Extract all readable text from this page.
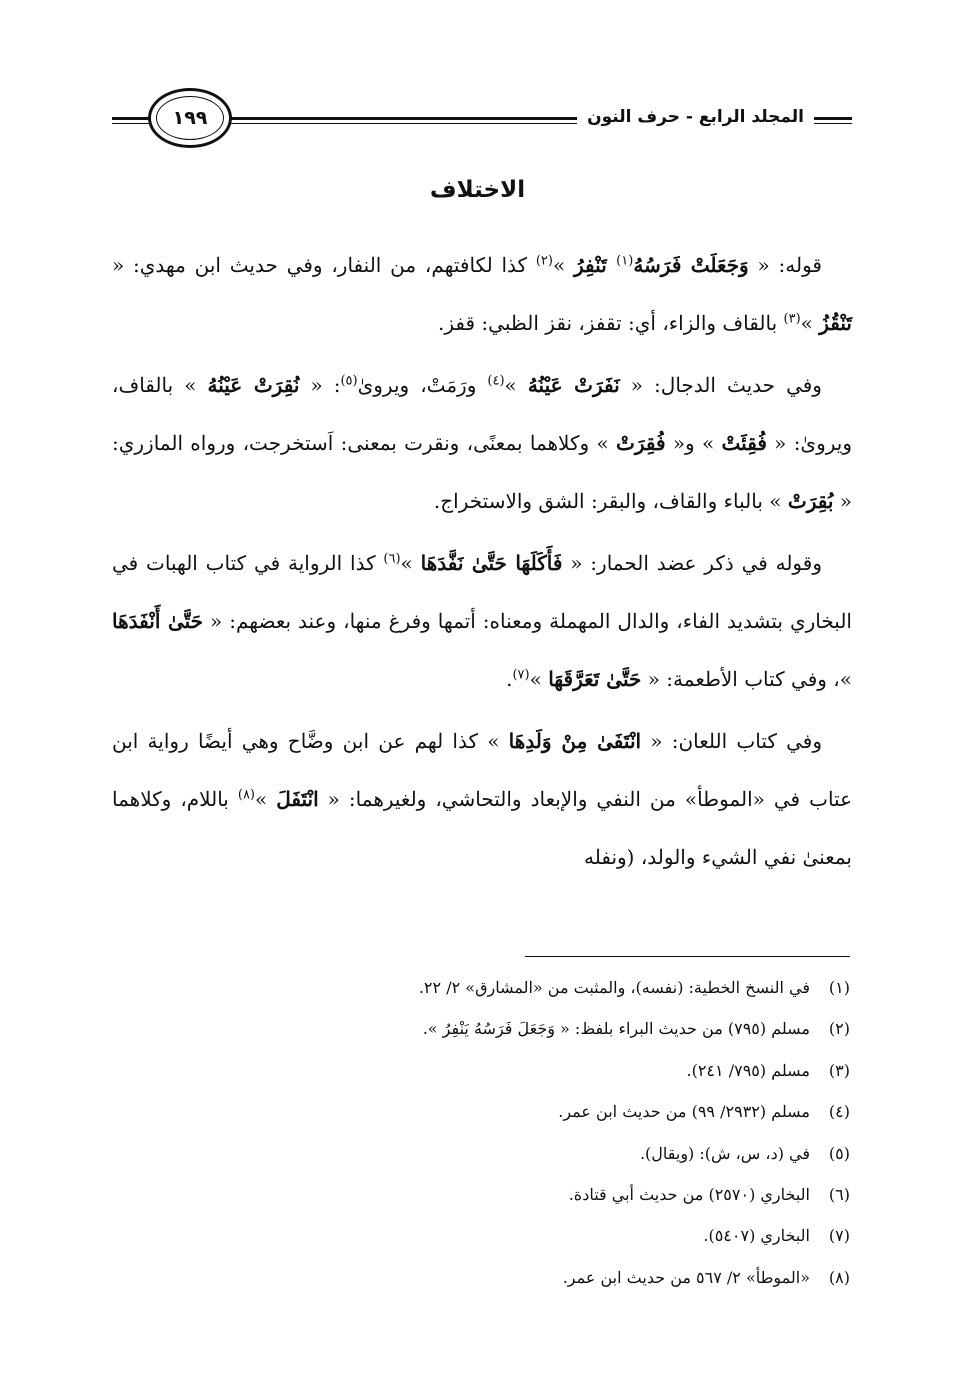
المجلد الرابع - حرف النون
١٩٩
الاختلاف

قوله: « وَجَعَلَتْ فَرَسُهُ$^{(١)}$ تَنْفِرُ »$^{(٢)}$ كذا لكافتهم، من النفار، وفي حديث ابن مهدي: « تَنْقُزُ »$^{(٣)}$ بالقاف والزاء، أي: تقفز، نقز الظبي: قفز.

وفي حديث الدجال: « نَفَرَتْ عَيْنُهُ »$^{(٤)}$ ورَمَتْ، ويروىٰ$^{(٥)}$: « نُقِرَتْ عَيْنُهُ » بالقاف، ويروىٰ: « فُقِئَتْ » و« فُقِرَتْ » وكلاهما بمعنًى، ونقرت بمعنى: اَستخرجت، ورواه المازري: « بُقِرَتْ » بالباء والقاف، والبقر: الشق والاستخراج.

وقوله في ذكر عضد الحمار: « فَأَكَلَهَا حَتَّىٰ نَفَّدَهَا »$^{(٦)}$ كذا الرواية في كتاب الهبات في البخاري بتشديد الفاء، والدال المهملة ومعناه: أتمها وفرغ منها، وعند بعضهم: « حَتَّىٰ أَنْفَدَهَا »، وفي كتاب الأطعمة: « حَتَّىٰ تَعَرَّقَهَا »$^{(٧)}$.

وفي كتاب اللعان: « انْتَفَىٰ مِنْ وَلَدِهَا » كذا لهم عن ابن وضَّاح وهي أيضًا رواية ابن عتاب في «الموطأ» من النفي والإبعاد والتحاشي، ولغيرهما: « انْتَفَلَ »$^{(٨)}$ باللام، وكلاهما بمعنىٰ نفي الشيء والولد، (ونفله

(١)في النسخ الخطية: (نفسه)، والمثبت من «المشارق» ٢/ ٢٢.
(٢)مسلم (٧٩٥) من حديث البراء بلفظ: « وَجَعَلَ فَرَسُهُ يَنْفِرُ ».
(٣)مسلم (٧٩٥/ ٢٤١).
(٤)مسلم (٢٩٣٢/ ٩٩) من حديث ابن عمر.
(٥)في (د، س، ش): (ويقال).
(٦)البخاري (٢٥٧٠) من حديث أبي قتادة.
(٧)البخاري (٥٤٠٧).
(٨)«الموطأ» ٢/ ٥٦٧ من حديث ابن عمر.
